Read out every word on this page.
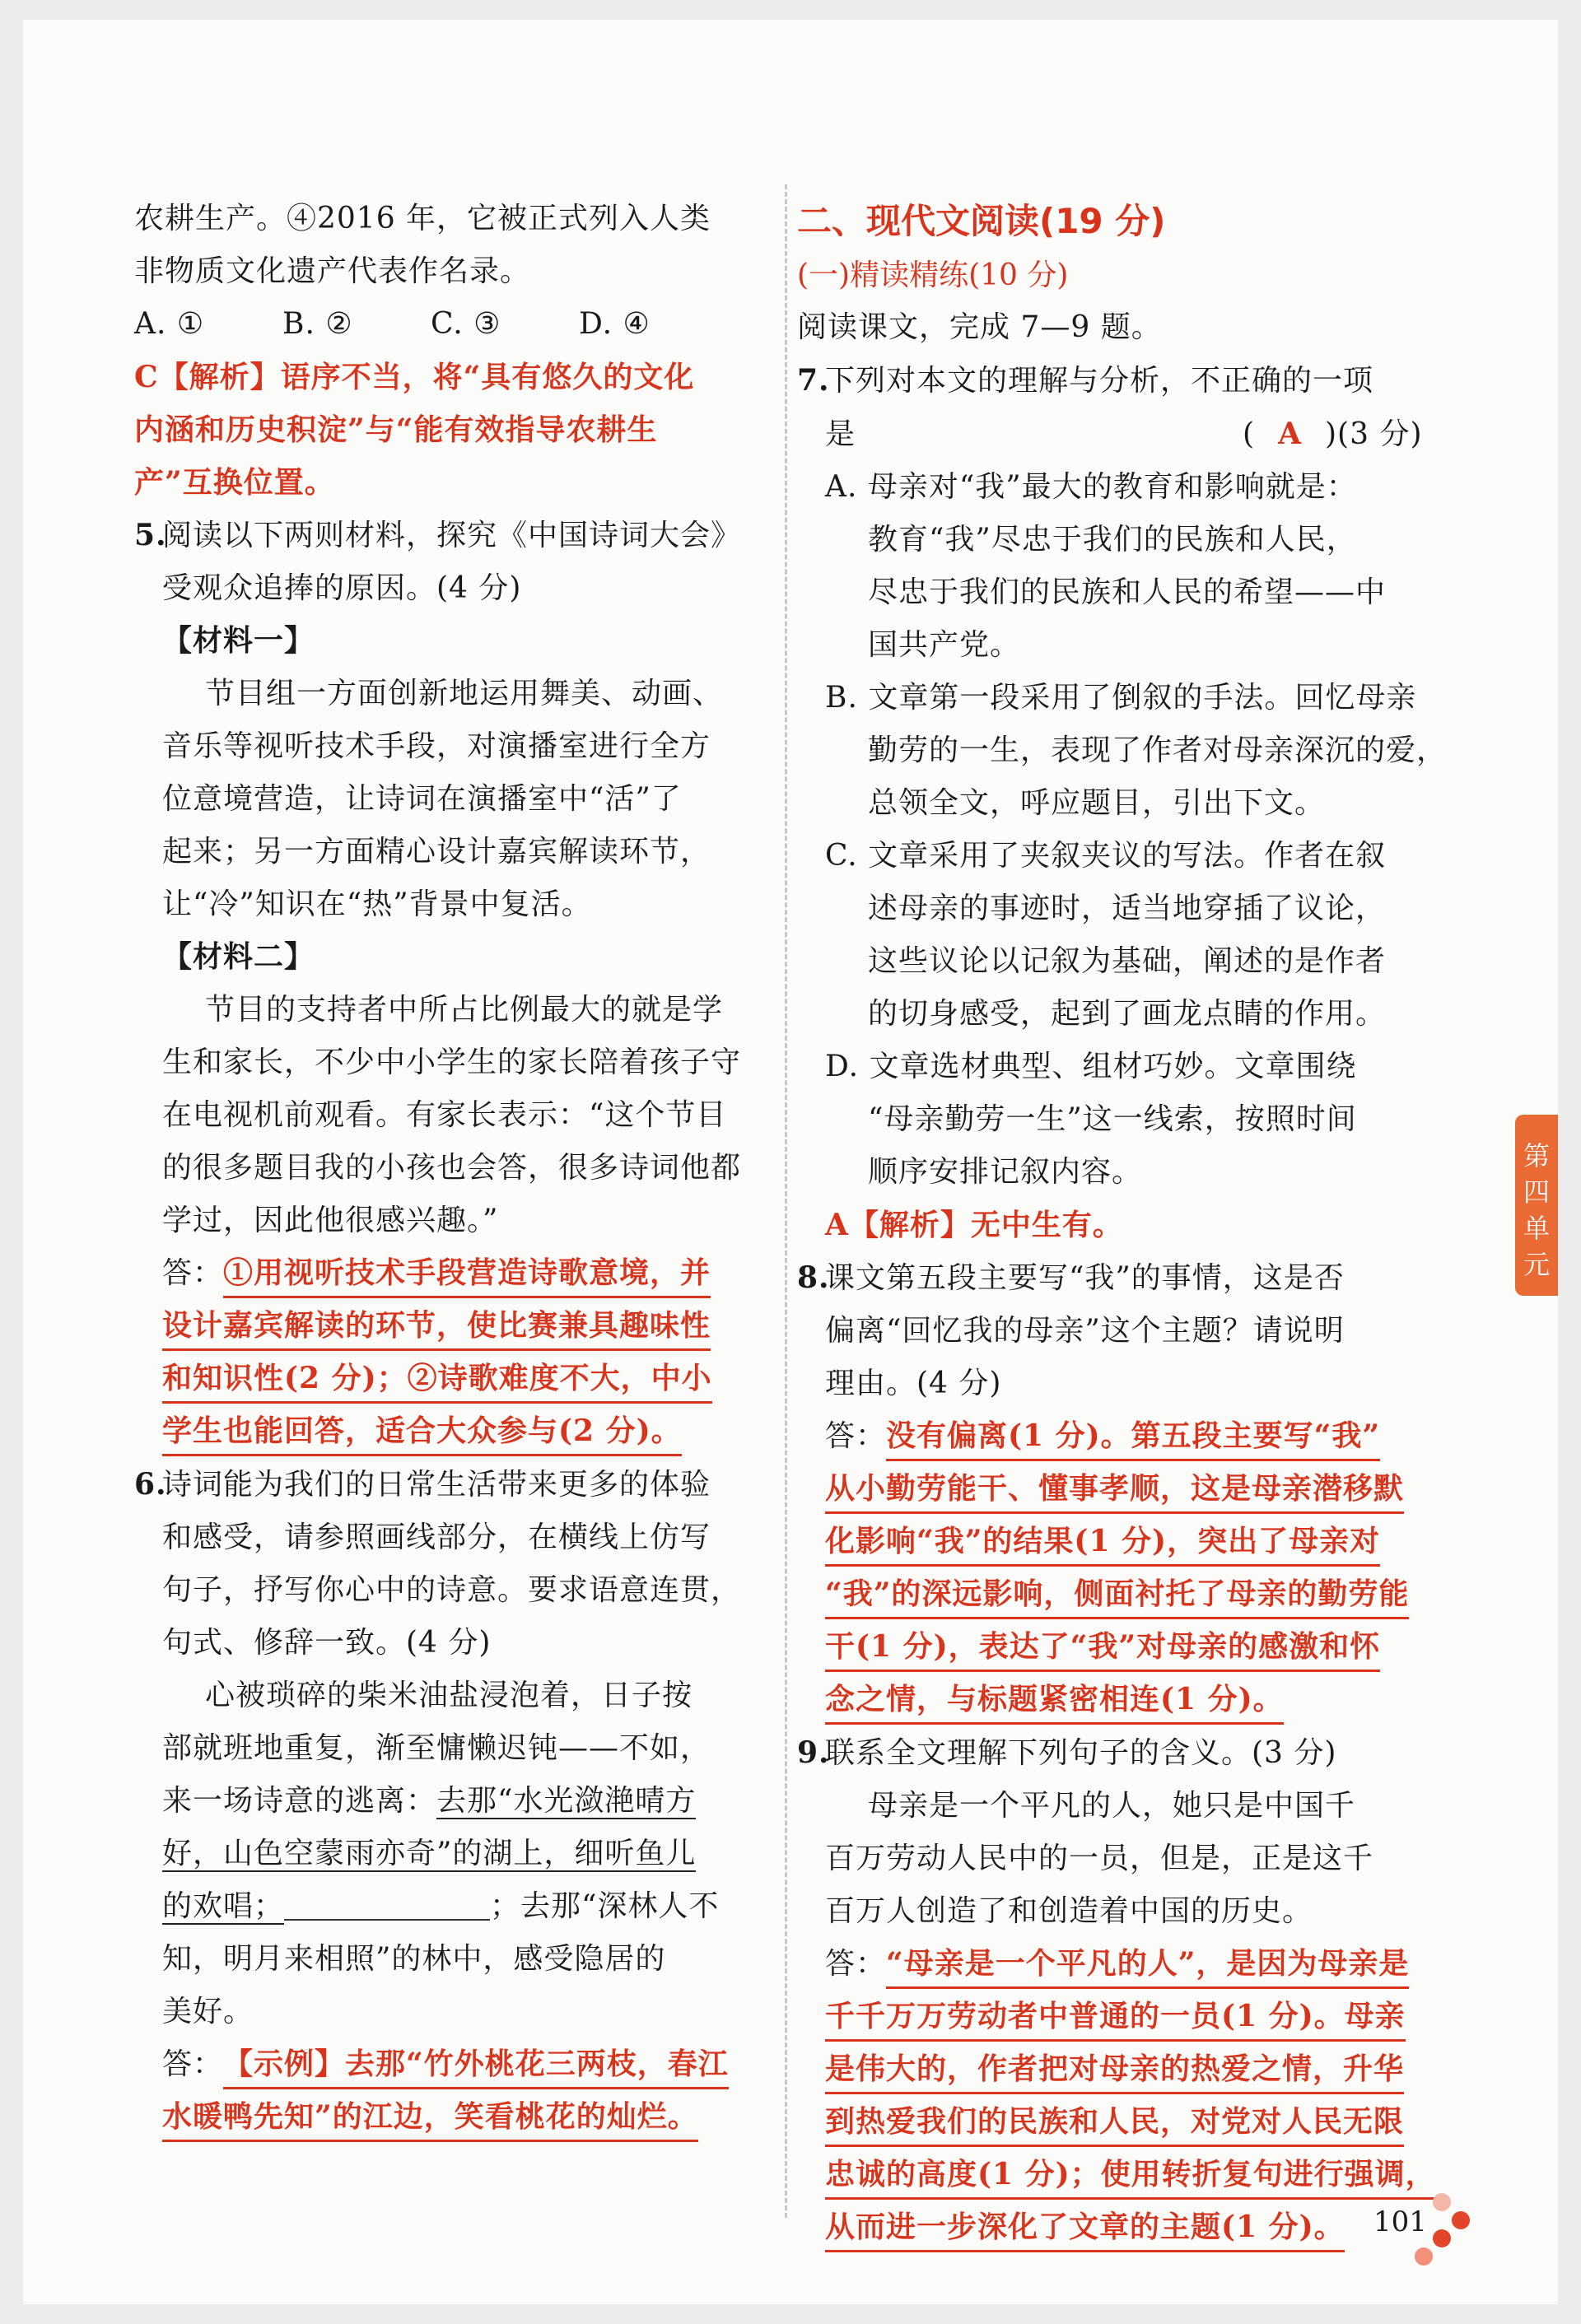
农耕生产。④2016 年，它被正式列入人类
非物质文化遗产代表作名录。
A. ①	B. ②	C. ③	D. ④
C【解析】语序不当，将“具有悠久的文化
内涵和历史积淀”与“能有效指导农耕生
产”互换位置。
5.阅读以下两则材料，探究《中国诗词大会》
受观众追捧的原因。(4 分)
【材料一】
节目组一方面创新地运用舞美、动画、
音乐等视听技术手段，对演播室进行全方
位意境营造，让诗词在演播室中“活”了
起来；另一方面精心设计嘉宾解读环节，
让“冷”知识在“热”背景中复活。
【材料二】
节目的支持者中所占比例最大的就是学
生和家长，不少中小学生的家长陪着孩子守
在电视机前观看。有家长表示：“这个节目
的很多题目我的小孩也会答，很多诗词他都
学过，因此他很感兴趣。”
答：①用视听技术手段营造诗歌意境，并
设计嘉宾解读的环节，使比赛兼具趣味性
和知识性(2 分)；②诗歌难度不大，中小
学生也能回答，适合大众参与(2 分)。
6.诗词能为我们的日常生活带来更多的体验
和感受，请参照画线部分，在横线上仿写
句子，抒写你心中的诗意。要求语意连贯，
句式、修辞一致。(4 分)
心被琐碎的柴米油盐浸泡着，日子按
部就班地重复，渐至慵懒迟钝——不如，
来一场诗意的逃离：去那“水光潋滟晴方
好，山色空蒙雨亦奇”的湖上，细听鱼儿
的欢唱；	；去那“深林人不
知，明月来相照”的林中，感受隐居的
美好。
答：【示例】去那“竹外桃花三两枝，春江
水暖鸭先知”的江边，笑看桃花的灿烂。
二、现代文阅读(19 分)
(一)精读精练(10 分)
阅读课文，完成 7—9 题。
7.下列对本文的理解与分析，不正确的一项
是	( A )(3 分)
A. 母亲对“我”最大的教育和影响就是：
教育“我”尽忠于我们的民族和人民，
尽忠于我们的民族和人民的希望——中
国共产党。
B. 文章第一段采用了倒叙的手法。回忆母亲
勤劳的一生，表现了作者对母亲深沉的爱，
总领全文，呼应题目，引出下文。
C. 文章采用了夹叙夹议的写法。作者在叙
述母亲的事迹时，适当地穿插了议论，
这些议论以记叙为基础，阐述的是作者
的切身感受，起到了画龙点睛的作用。
D. 文章选材典型、组材巧妙。文章围绕
“母亲勤劳一生”这一线索，按照时间
顺序安排记叙内容。
A【解析】无中生有。
8.课文第五段主要写“我”的事情，这是否
偏离“回忆我的母亲”这个主题？请说明
理由。(4 分)
答：没有偏离(1 分)。第五段主要写“我”
从小勤劳能干、懂事孝顺，这是母亲潜移默
化影响“我”的结果(1 分)，突出了母亲对
“我”的深远影响，侧面衬托了母亲的勤劳能
干(1 分)，表达了“我”对母亲的感激和怀
念之情，与标题紧密相连(1 分)。
9.联系全文理解下列句子的含义。(3 分)
母亲是一个平凡的人，她只是中国千
百万劳动人民中的一员，但是，正是这千
百万人创造了和创造着中国的历史。
答：“母亲是一个平凡的人”，是因为母亲是
千千万万劳动者中普通的一员(1 分)。母亲
是伟大的，作者把对母亲的热爱之情，升华
到热爱我们的民族和人民，对党对人民无限
忠诚的高度(1 分)；使用转折复句进行强调，
从而进一步深化了文章的主题(1 分)。
第
四
单
元
101
